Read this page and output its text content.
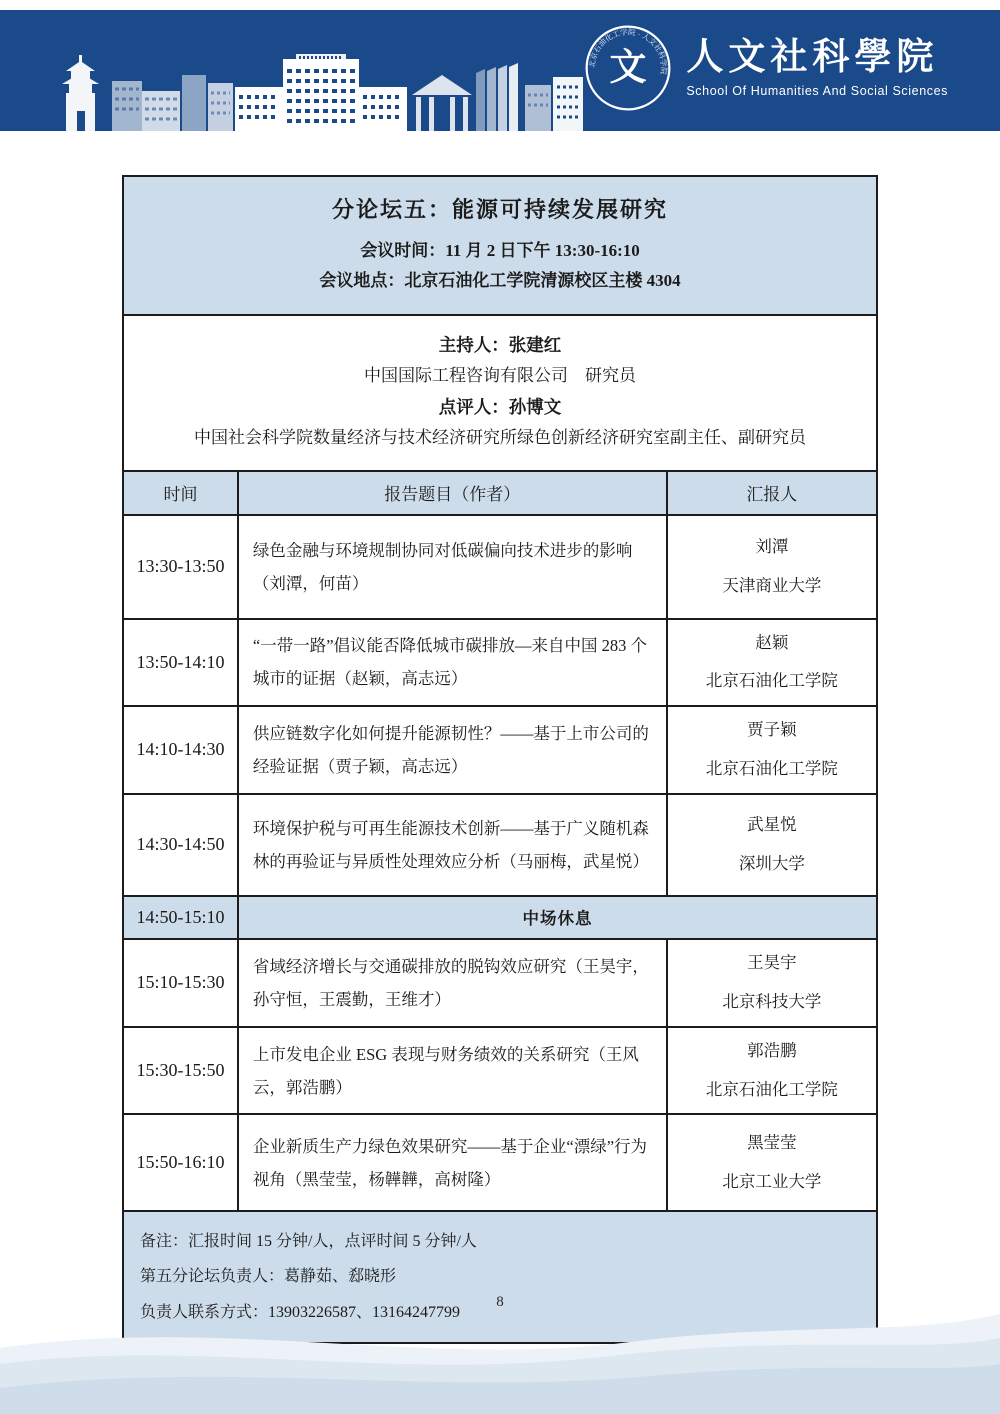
北京石油化工学院 · 人文社科学院
文 人文社科學院
School Of Humanities And Social Sciences
分论坛五：能源可持续发展研究
会议时间：11 月 2 日下午 13:30-16:10
会议地点：北京石油化工学院清源校区主楼 4304
主持人：张建红
中国国际工程咨询有限公司　研究员
点评人：孙博文
中国社会科学院数量经济与技术经济研究所绿色创新经济研究室副主任、副研究员
时间	报告题目（作者）	汇报人
13:30-13:50	绿色金融与环境规制协同对低碳偏向技术进步的影响（刘潭，何苗）	刘潭
天津商业大学

13:50-14:10	“一带一路”倡议能否降低城市碳排放—来自中国 283 个城市的证据（赵颖，高志远）	赵颖
北京石油化工学院

14:10-14:30	供应链数字化如何提升能源韧性？——基于上市公司的经验证据（贾子颖，高志远）	贾子颖
北京石油化工学院

14:30-14:50	环境保护税与可再生能源技术创新——基于广义随机森林的再验证与异质性处理效应分析（马丽梅，武星悦）	武星悦
深圳大学

14:50-15:10	中场休息	
15:10-15:30	省域经济增长与交通碳排放的脱钩效应研究（王昊宇，孙守恒，王震勤，王维才）	王昊宇
北京科技大学

15:30-15:50	上市发电企业 ESG 表现与财务绩效的关系研究（王风云，郭浩鹏）	郭浩鹏
北京石油化工学院

15:50-16:10	企业新质生产力绿色效果研究——基于企业“漂绿”行为视角（黑莹莹，杨韡韡，高树隆）	黑莹莹
北京工业大学

备注：汇报时间 15 分钟/人，点评时间 5 分钟/人
第五分论坛负责人：葛静茹、郄晓形
负责人联系方式：13903226587、13164247799		
8
